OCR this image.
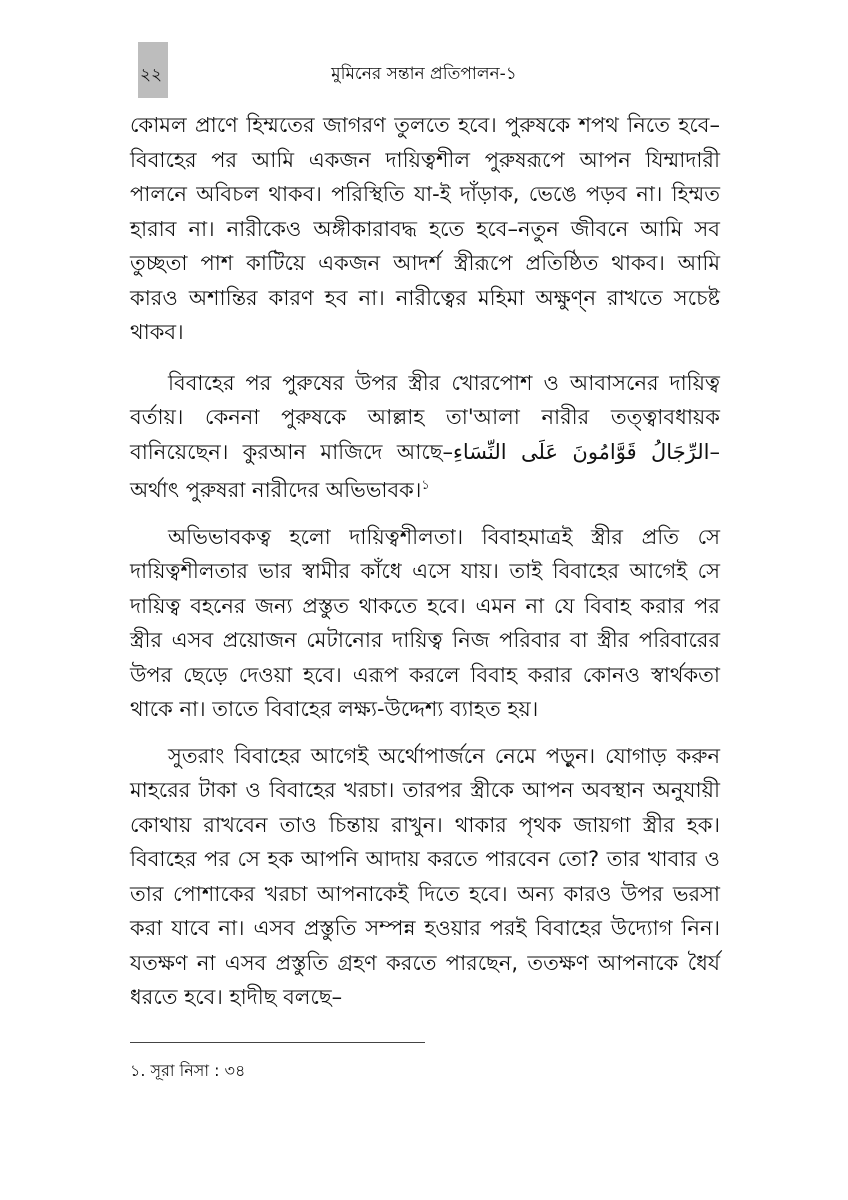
২২	মুমিনের সন্তান প্রতিপালন-১

কোমল প্রাণে হিম্মতের জাগরণ তুলতে হবে। পুরুষকে শপথ নিতে হবে–বিবাহের পর আমি একজন দায়িত্বশীল পুরুষরূপে আপন যিম্মাদারী পালনে অবিচল থাকব। পরিস্থিতি যা-ই দাঁড়াক, ভেঙে পড়ব না। হিম্মত হারাব না। নারীকেও অঙ্গীকারাবদ্ধ হতে হবে–নতুন জীবনে আমি সব তুচ্ছতা পাশ কাটিয়ে একজন আদর্শ স্ত্রীরূপে প্রতিষ্ঠিত থাকব। আমি কারও অশান্তির কারণ হব না। নারীত্বের মহিমা অক্ষুণ্ন রাখতে সচেষ্ট থাকব।

বিবাহের পর পুরুষের উপর স্ত্রীর খোরপোশ ও আবাসনের দায়িত্ব বর্তায়। কেননা পুরুষকে আল্লাহ তা'আলা নারীর তত্ত্বাবধায়ক বানিয়েছেন। কুরআন মাজিদে আছে–الرِّجَالُ قَوَّامُونَ عَلَى النِّسَاءِ–অর্থাৎ পুরুষরা নারীদের অভিভাবক।$^১$

অভিভাবকত্ব হলো দায়িত্বশীলতা। বিবাহমাত্রই স্ত্রীর প্রতি সে দায়িত্বশীলতার ভার স্বামীর কাঁধে এসে যায়। তাই বিবাহের আগেই সে দায়িত্ব বহনের জন্য প্রস্তুত থাকতে হবে। এমন না যে বিবাহ করার পর স্ত্রীর এসব প্রয়োজন মেটানোর দায়িত্ব নিজ পরিবার বা স্ত্রীর পরিবারের উপর ছেড়ে দেওয়া হবে। এরূপ করলে বিবাহ করার কোনও স্বার্থকতা থাকে না। তাতে বিবাহের লক্ষ্য-উদ্দেশ্য ব্যাহত হয়।

সুতরাং বিবাহের আগেই অর্থোপার্জনে নেমে পড়ুন। যোগাড় করুন মাহরের টাকা ও বিবাহের খরচা। তারপর স্ত্রীকে আপন অবস্থান অনুযায়ী কোথায় রাখবেন তাও চিন্তায় রাখুন। থাকার পৃথক জায়গা স্ত্রীর হক। বিবাহের পর সে হক আপনি আদায় করতে পারবেন তো? তার খাবার ও তার পোশাকের খরচা আপনাকেই দিতে হবে। অন্য কারও উপর ভরসা করা যাবে না। এসব প্রস্তুতি সম্পন্ন হওয়ার পরই বিবাহের উদ্যোগ নিন। যতক্ষণ না এসব প্রস্তুতি গ্রহণ করতে পারছেন, ততক্ষণ আপনাকে ধৈর্য ধরতে হবে। হাদীছ বলছে–

১. সূরা নিসা : ৩৪
